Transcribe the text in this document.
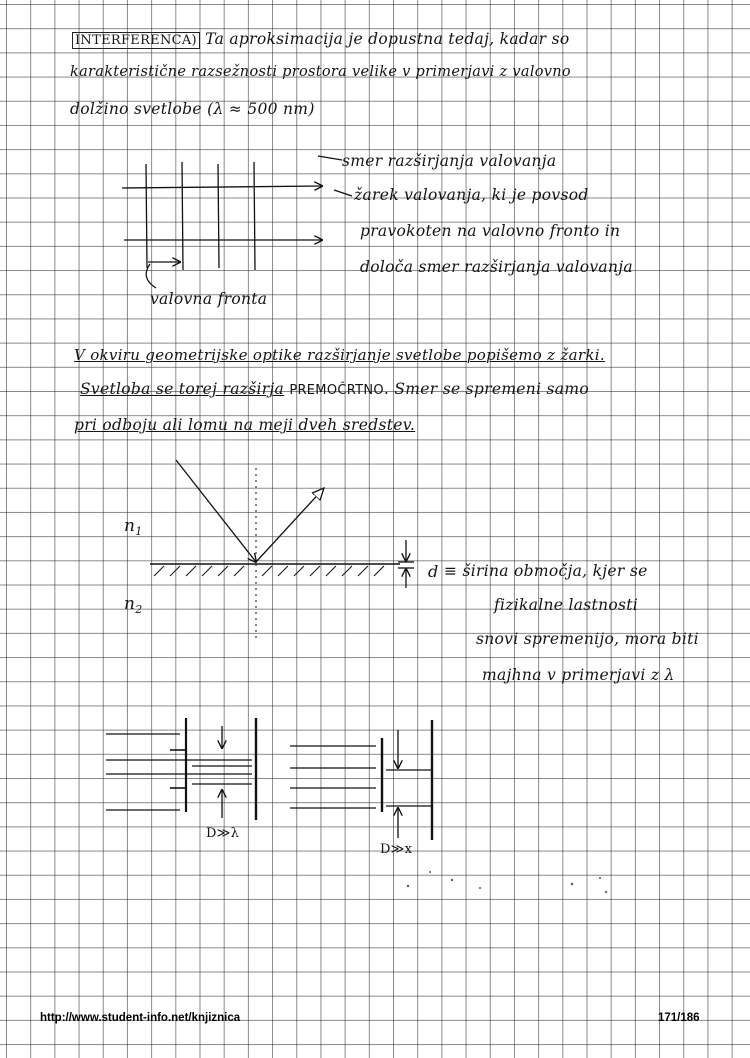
INTERFERENCA) Ta aproksimacija je dopustna tedaj, kadar so
karakteristične razsežnosti prostora velike v primerjavi z valovno
dolžino svetlobe (λ ≈ 500 nm)
smer razširjanja valovanja
žarek valovanja, ki je povsod
pravokoten na valovno fronto in
določa smer razširjanja valovanja
valovna fronta
V okviru geometrijske optike razširjanje svetlobe popišemo z žarki.
Svetloba se torej razširja PREMOČRTNO. Smer se spremeni samo
pri odboju ali lomu na meji dveh sredstev.
$n_1$
$n_2$
d ≡ širina območja, kjer se
fizikalne lastnosti
snovi spremenijo, mora biti
majhna v primerjavi z λ
D≫λ
D≫x
http://www.student-info.net/knjiznica	171/186
